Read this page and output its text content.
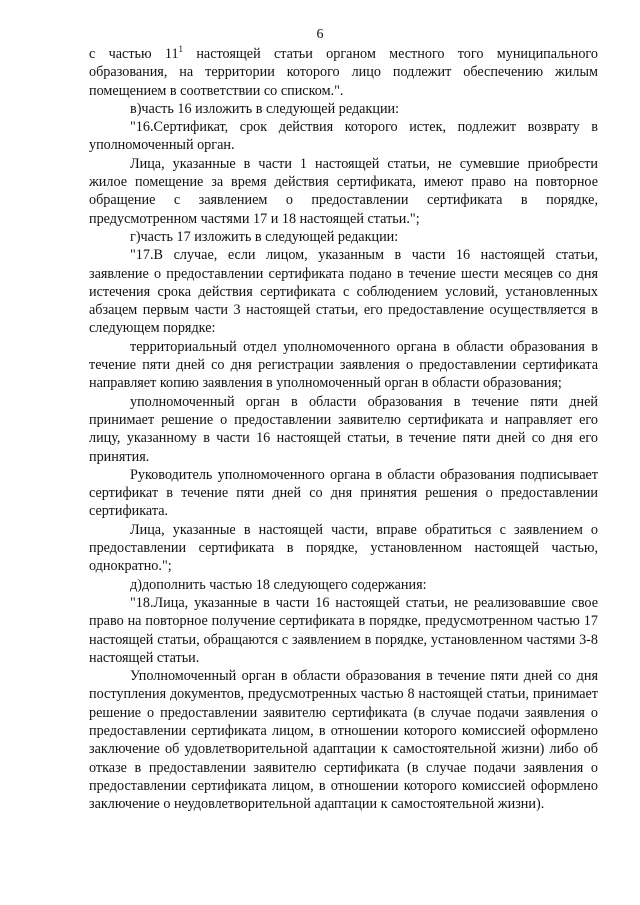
6

с частью $11^1$ настоящей статьи органом местного того муниципального образования, на территории которого лицо подлежит обеспечению жилым помещением в соответствии со списком.".

в)часть 16 изложить в следующей редакции:

"16.Сертификат, срок действия которого истек, подлежит возврату в уполномоченный орган.

Лица, указанные в части 1 настоящей статьи, не сумевшие приобрести жилое помещение за время действия сертификата, имеют право на повторное обращение с заявлением о предоставлении сертификата в порядке, предусмотренном частями 17 и 18 настоящей статьи.";

г)часть 17 изложить в следующей редакции:

"17.В случае, если лицом, указанным в части 16 настоящей статьи, заявление о предоставлении сертификата подано в течение шести месяцев со дня истечения срока действия сертификата с соблюдением условий, установленных абзацем первым части 3 настоящей статьи, его предоставление осуществляется в следующем порядке:

территориальный отдел уполномоченного органа в области образования в течение пяти дней со дня регистрации заявления о предоставлении сертификата направляет копию заявления в уполномоченный орган в области образования;

уполномоченный орган в области образования в течение пяти дней принимает решение о предоставлении заявителю сертификата и направляет его лицу, указанному в части 16 настоящей статьи, в течение пяти дней со дня его принятия.

Руководитель уполномоченного органа в области образования подписывает сертификат в течение пяти дней со дня принятия решения о предоставлении сертификата.

Лица, указанные в настоящей части, вправе обратиться с заявлением о предоставлении сертификата в порядке, установленном настоящей частью, однократно.";

д)дополнить частью 18 следующего содержания:

"18.Лица, указанные в части 16 настоящей статьи, не реализовавшие свое право на повторное получение сертификата в порядке, предусмотренном частью 17 настоящей статьи, обращаются с заявлением в порядке, установленном частями 3-8 настоящей статьи.

Уполномоченный орган в области образования в течение пяти дней со дня поступления документов, предусмотренных частью 8 настоящей статьи, принимает решение о предоставлении заявителю сертификата (в случае подачи заявления о предоставлении сертификата лицом, в отношении которого комиссией оформлено заключение об удовлетворительной адаптации к самостоятельной жизни) либо об отказе в предоставлении заявителю сертификата (в случае подачи заявления о предоставлении сертификата лицом, в отношении которого комиссией оформлено заключение о неудовлетворительной адаптации к самостоятельной жизни).
